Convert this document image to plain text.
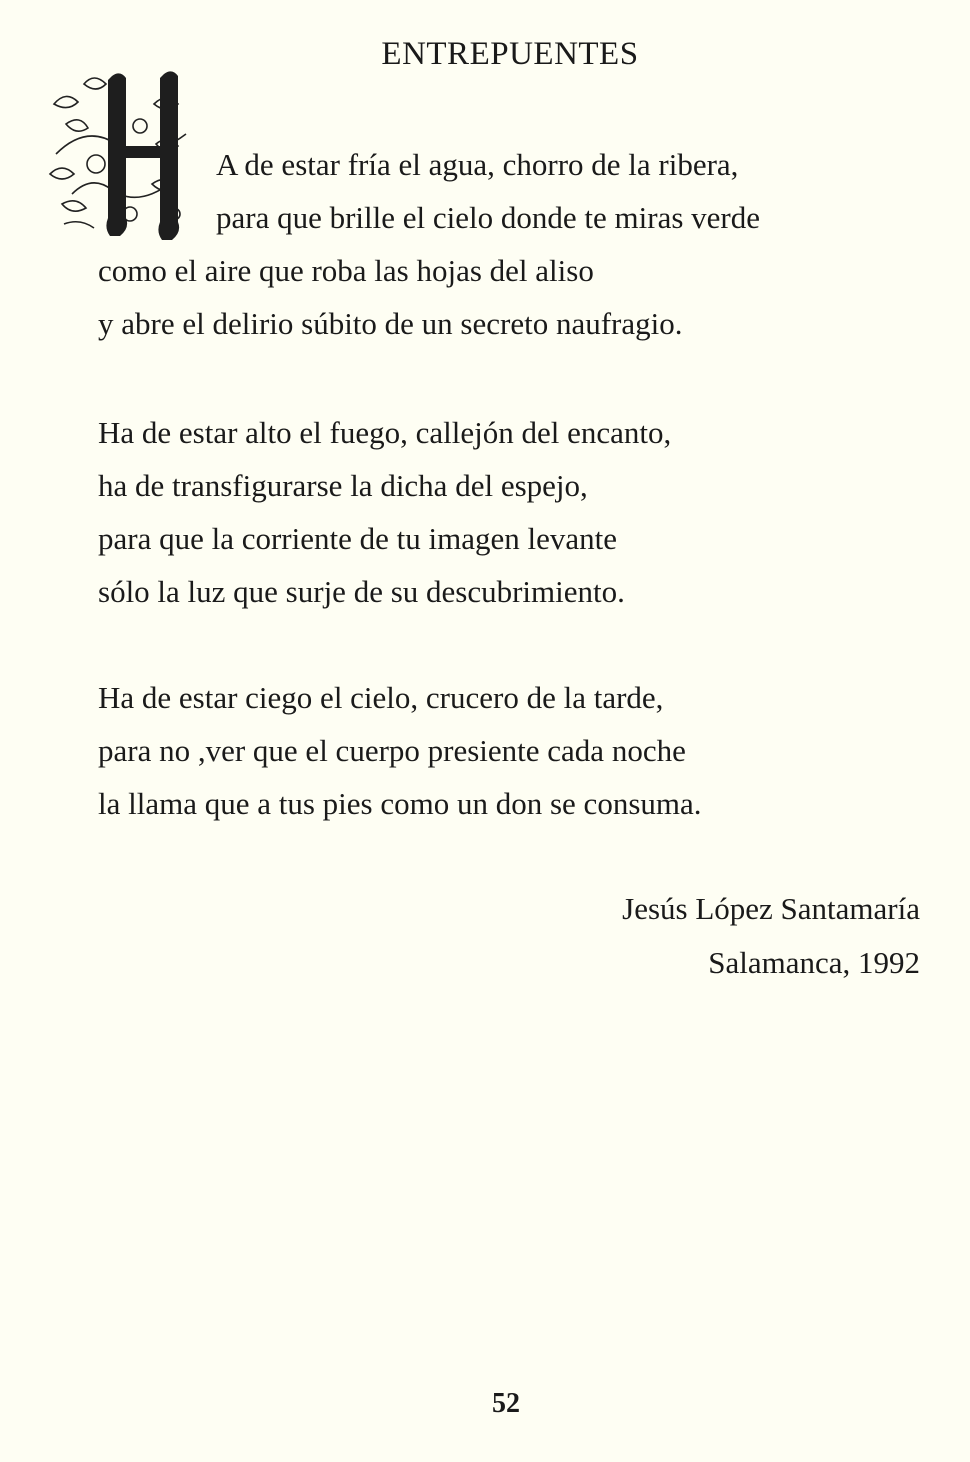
ENTREPUENTES
A de estar fría el agua, chorro de la ribera,
para que brille el cielo donde te miras verde
como el aire que roba las hojas del aliso
y abre el delirio súbito de un secreto naufragio.
Ha de estar alto el fuego, callejón del encanto,
ha de transfigurarse la dicha del espejo,
para que la corriente de tu imagen levante
sólo la luz que surje de su descubrimiento.
Ha de estar ciego el cielo, crucero de la tarde,
para no ,ver que el cuerpo presiente cada noche
la llama que a tus pies como un don se consuma.
Jesús López Santamaría
Salamanca, 1992
52
